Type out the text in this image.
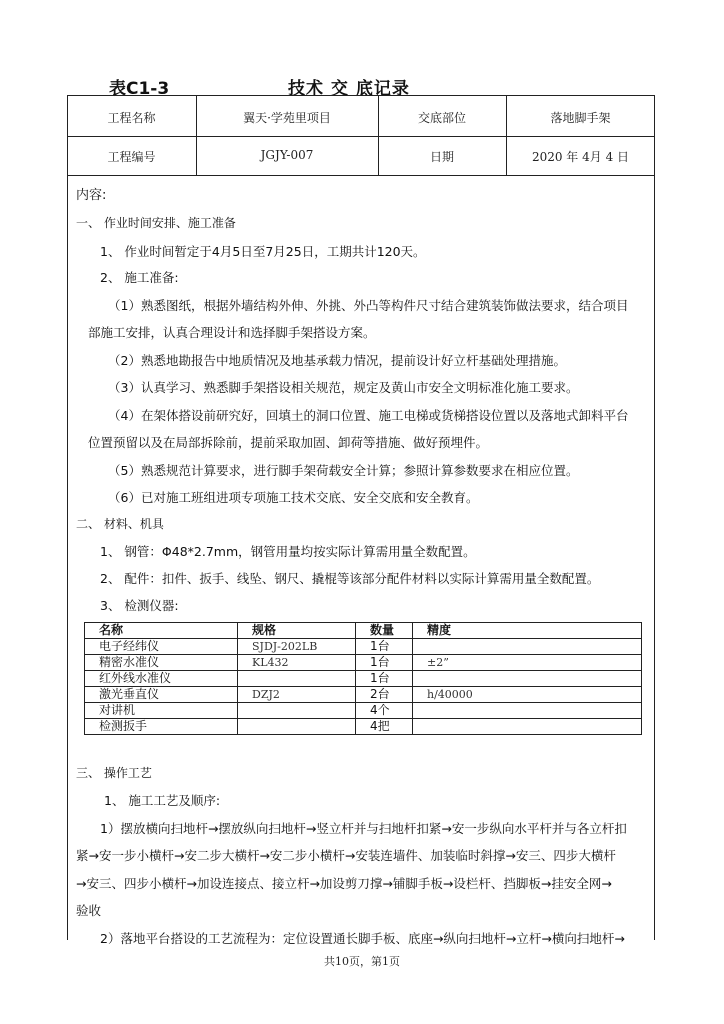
表C1-3	技术 交 底记录
工程名称	翼天·学苑里项目	交底部位	落地脚手架
工程编号	JGJY-007	日期	2020 年 4月 4 日
内容:
一、 作业时间安排、施工准备
1、 作业时间暂定于4月5日至7月25日，工期共计120天。
2、 施工准备:
（1）熟悉图纸，根据外墙结构外伸、外挑、外凸等构件尺寸结合建筑装饰做法要求，结合项目
部施工安排，认真合理设计和选择脚手架搭设方案。
（2）熟悉地勘报告中地质情况及地基承载力情况，提前设计好立杆基础处理措施。
（3）认真学习、熟悉脚手架搭设相关规范，规定及黄山市安全文明标准化施工要求。
（4）在架体搭设前研究好，回填土的洞口位置、施工电梯或货梯搭设位置以及落地式卸料平台
位置预留以及在局部拆除前，提前采取加固、卸荷等措施、做好预埋件。
（5）熟悉规范计算要求，进行脚手架荷载安全计算；参照计算参数要求在相应位置。
（6）已对施工班组进项专项施工技术交底、安全交底和安全教育。
二、 材料、机具
1、 钢管：Φ48*2.7mm，钢管用量均按实际计算需用量全数配置。
2、 配件：扣件、扳手、线坠、钢尺、撬棍等该部分配件材料以实际计算需用量全数配置。
3、 检测仪器:
名称	规格	数量	精度
电子经纬仪	SJDJ-202LB	1台	
精密水准仪	KL432	1台	±2”
红外线水准仪		1台	
激光垂直仪	DZJ2	2台	h/40000
对讲机		4个	
检测扳手		4把	
三、 操作工艺
1、 施工工艺及顺序:
1）摆放横向扫地杆→摆放纵向扫地杆→竖立杆并与扫地杆扣紧→安一步纵向水平杆并与各立杆扣
紧→安一步小横杆→安二步大横杆→安二步小横杆→安装连墙件、加装临时斜撑→安三、四步大横杆
→安三、四步小横杆→加设连接点、接立杆→加设剪刀撑→铺脚手板→设栏杆、挡脚板→挂安全网→
验收
2）落地平台搭设的工艺流程为：定位设置通长脚手板、底座→纵向扫地杆→立杆→横向扫地杆→
共10页，第1页
